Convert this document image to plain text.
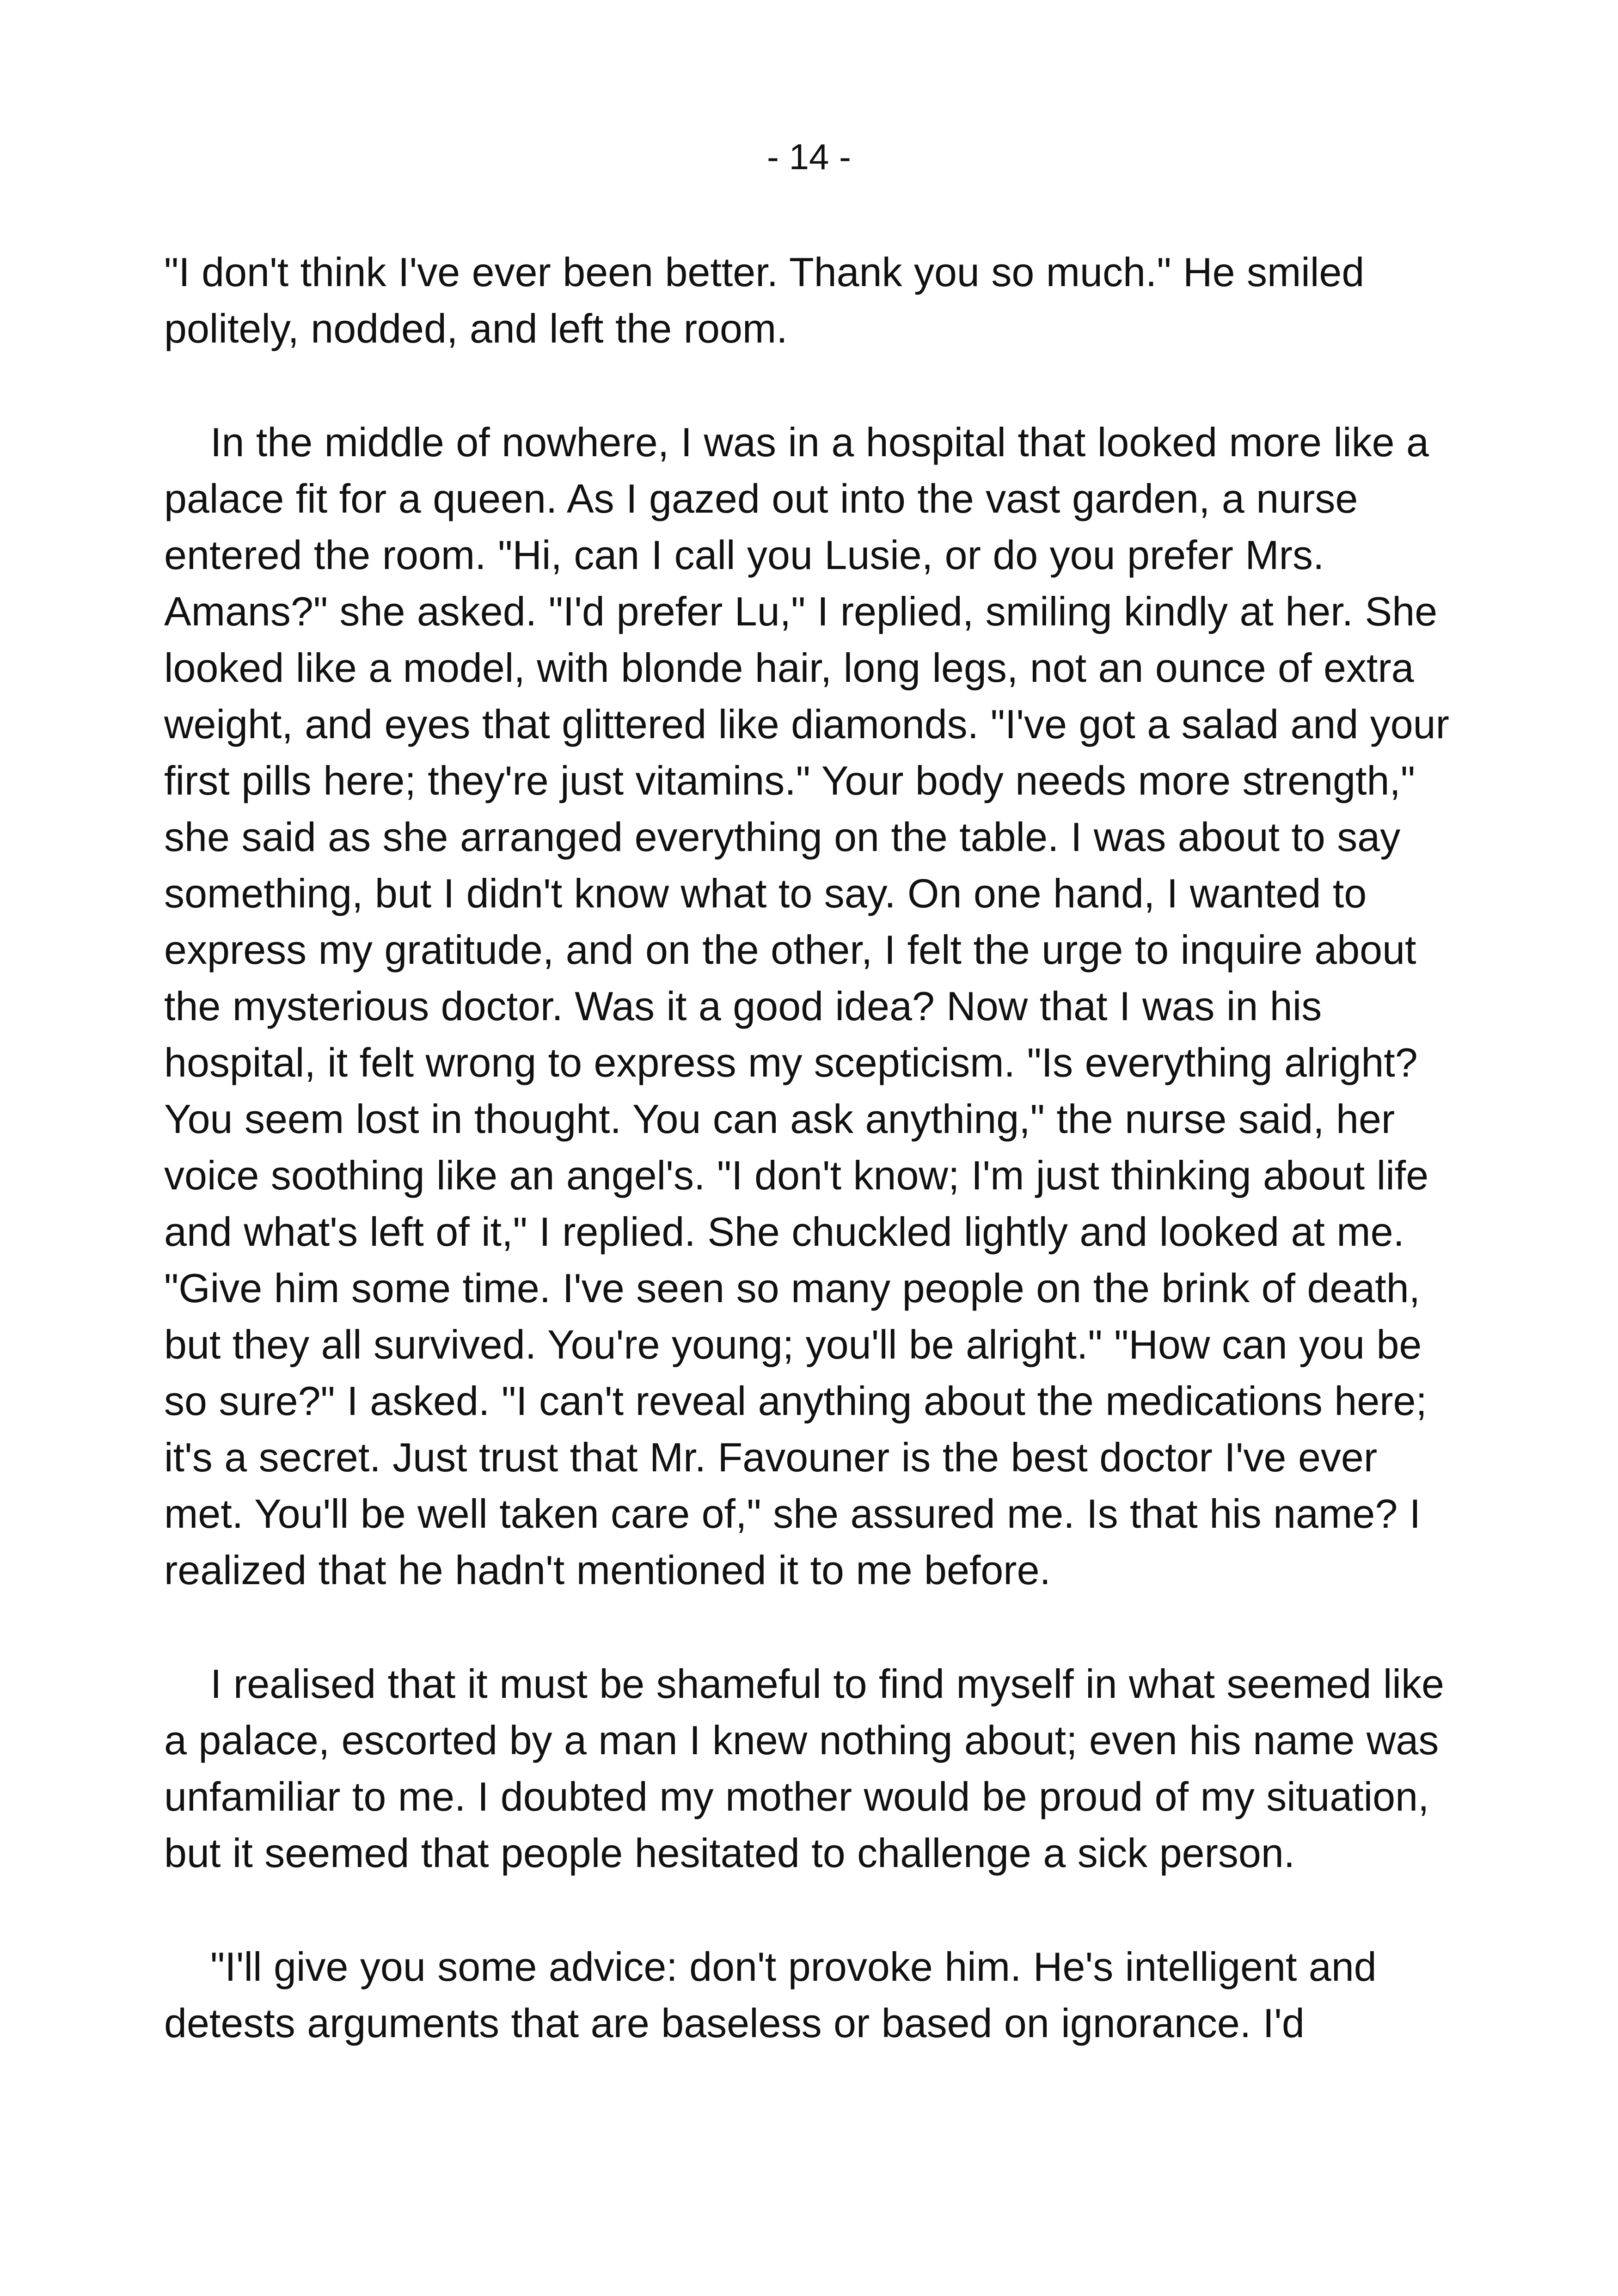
- 14 -

"I don't think I've ever been better. Thank you so much." He smiled politely, nodded, and left the room.

In the middle of nowhere, I was in a hospital that looked more like a palace fit for a queen. As I gazed out into the vast garden, a nurse entered the room. "Hi, can I call you Lusie, or do you prefer Mrs. Amans?" she asked. "I'd prefer Lu," I replied, smiling kindly at her. She looked like a model, with blonde hair, long legs, not an ounce of extra weight, and eyes that glittered like diamonds. "I've got a salad and your first pills here; they're just vitamins." Your body needs more strength," she said as she arranged everything on the table. I was about to say something, but I didn't know what to say. On one hand, I wanted to express my gratitude, and on the other, I felt the urge to inquire about the mysterious doctor. Was it a good idea? Now that I was in his hospital, it felt wrong to express my scepticism. "Is everything alright? You seem lost in thought. You can ask anything," the nurse said, her voice soothing like an angel's. "I don't know; I'm just thinking about life and what's left of it," I replied. She chuckled lightly and looked at me. "Give him some time. I've seen so many people on the brink of death, but they all survived. You're young; you'll be alright." "How can you be so sure?" I asked. "I can't reveal anything about the medications here; it's a secret. Just trust that Mr. Favouner is the best doctor I've ever met. You'll be well taken care of," she assured me. Is that his name? I realized that he hadn't mentioned it to me before.

I realised that it must be shameful to find myself in what seemed like a palace, escorted by a man I knew nothing about; even his name was unfamiliar to me. I doubted my mother would be proud of my situation, but it seemed that people hesitated to challenge a sick person.

"I'll give you some advice: don't provoke him. He's intelligent and detests arguments that are baseless or based on ignorance. I'd
